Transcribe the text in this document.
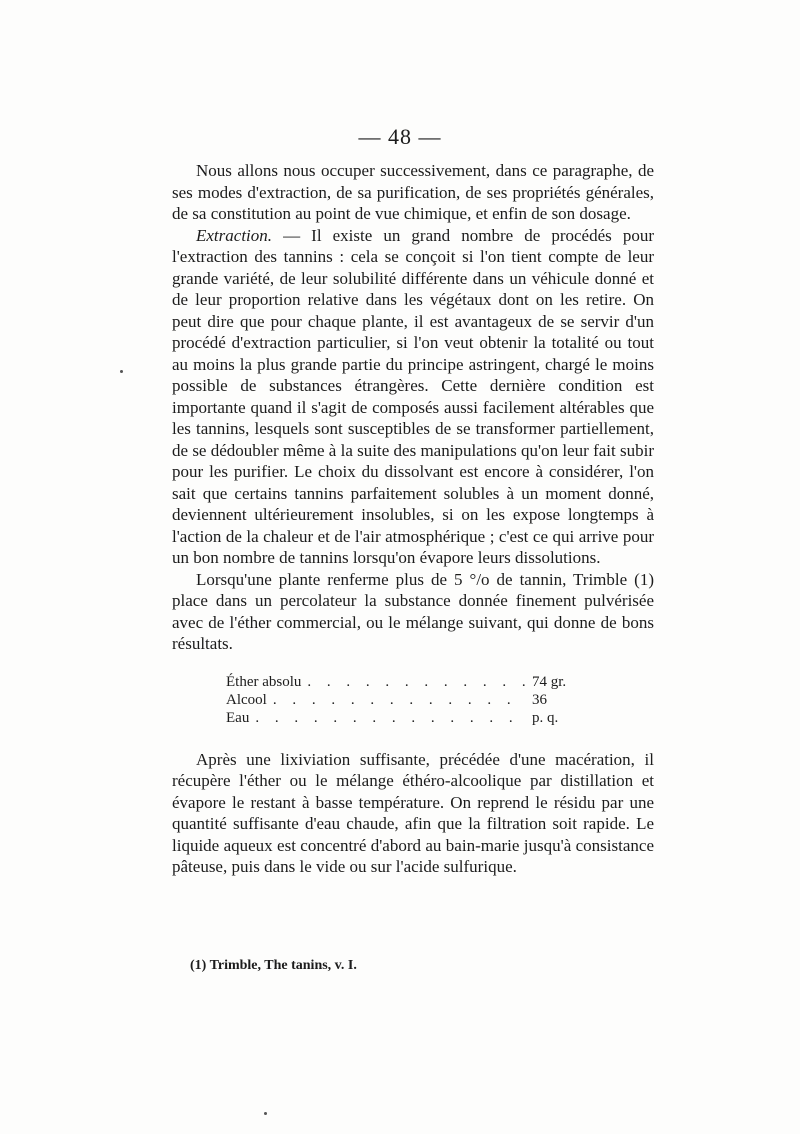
— 48 —

Nous allons nous occuper successivement, dans ce paragraphe, de ses modes d'extraction, de sa purification, de ses propriétés générales, de sa constitution au point de vue chimique, et enfin de son dosage.

Extraction. — Il existe un grand nombre de procédés pour l'extraction des tannins : cela se conçoit si l'on tient compte de leur grande variété, de leur solubilité différente dans un véhicule donné et de leur proportion relative dans les végétaux dont on les retire. On peut dire que pour chaque plante, il est avantageux de se servir d'un procédé d'extraction particulier, si l'on veut obtenir la totalité ou tout au moins la plus grande partie du principe astringent, chargé le moins possible de substances étrangères. Cette dernière condition est importante quand il s'agit de composés aussi facilement altérables que les tannins, lesquels sont susceptibles de se transformer partiellement, de se dédoubler même à la suite des manipulations qu'on leur fait subir pour les purifier. Le choix du dissolvant est encore à considérer, l'on sait que certains tannins parfaitement solubles à un moment donné, deviennent ultérieurement insolubles, si on les expose longtemps à l'action de la chaleur et de l'air atmosphérique ; c'est ce qui arrive pour un bon nombre de tannins lorsqu'on évapore leurs dissolutions.

Lorsqu'une plante renferme plus de 5 °/o de tannin, Trimble (1) place dans un percolateur la substance donnée finement pulvérisée avec de l'éther commercial, ou le mélange suivant, qui donne de bons résultats.

Éther absolu . . .	74 gr.
Alcool . . .	36
Eau . . .	p. q.

Après une lixiviation suffisante, précédée d'une macération, il récupère l'éther ou le mélange éthéro-alcoolique par distillation et évapore le restant à basse température. On reprend le résidu par une quantité suffisante d'eau chaude, afin que la filtration soit rapide. Le liquide aqueux est concentré d'abord au bain-marie jusqu'à consistance pâteuse, puis dans le vide ou sur l'acide sulfurique.

(1) Trimble, The tanins, v. I.
